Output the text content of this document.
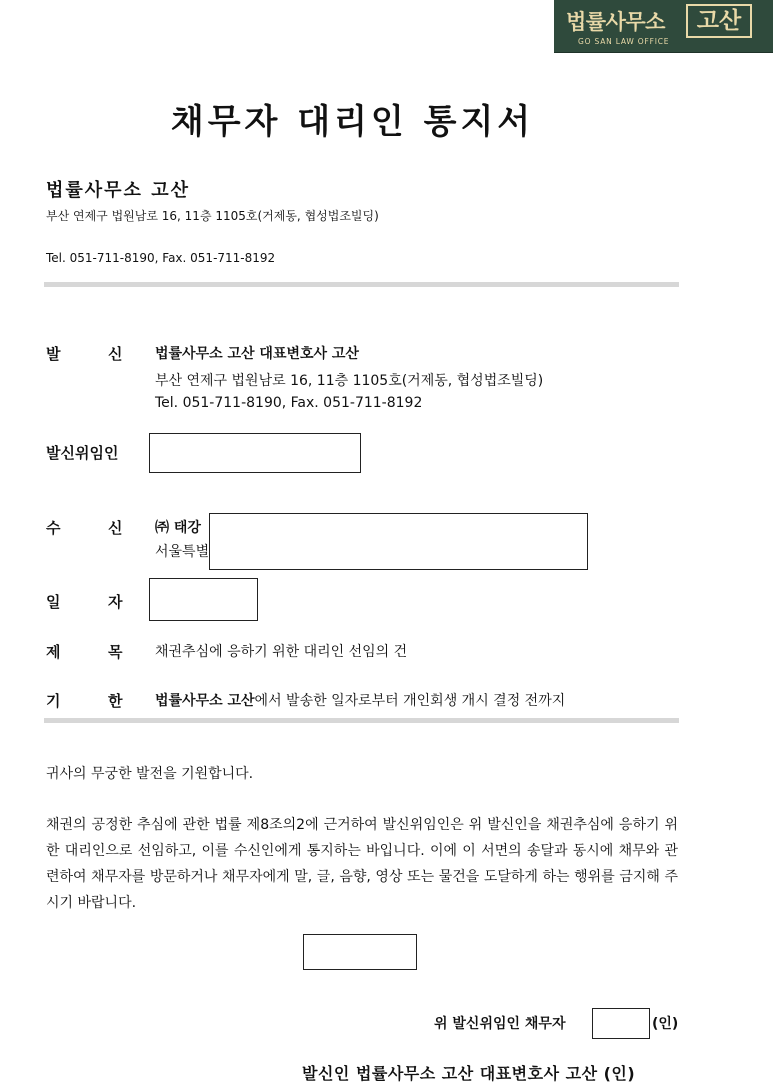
법률사무소	고산
GO SAN LAW OFFICE
채무자 대리인 통지서
법률사무소 고산
부산 연제구 법원남로 16, 11층 1105호(거제동, 협성법조빌딩)
Tel. 051-711-8190, Fax. 051-711-8192
발	신 법률사무소 고산 대표변호사 고산
부산 연제구 법원남로 16, 11층 1105호(거제동, 협성법조빌딩)
Tel. 051-711-8190, Fax. 051-711-8192
발신위임인
수	신 ㈜ 태강
서울특별
일	자
제	목 채권추심에 응하기 위한 대리인 선임의 건
기	한 법률사무소 고산에서 발송한 일자로부터 개인회생 개시 결정 전까지
귀사의 무궁한 발전을 기원합니다.
채권의 공정한 추심에 관한 법률 제8조의2에 근거하여 발신위임인은 위 발신인을 채권추심에 응하기 위한 대리인으로 선임하고, 이를 수신인에게 통지하는 바입니다. 이에 이 서면의 송달과 동시에 채무와 관련하여 채무자를 방문하거나 채무자에게 말, 글, 음향, 영상 또는 물건을 도달하게 하는 행위를 금지해 주시기 바랍니다.
위 발신위임인 채무자	(인)
발신인 법률사무소 고산 대표변호사 고산 (인)
